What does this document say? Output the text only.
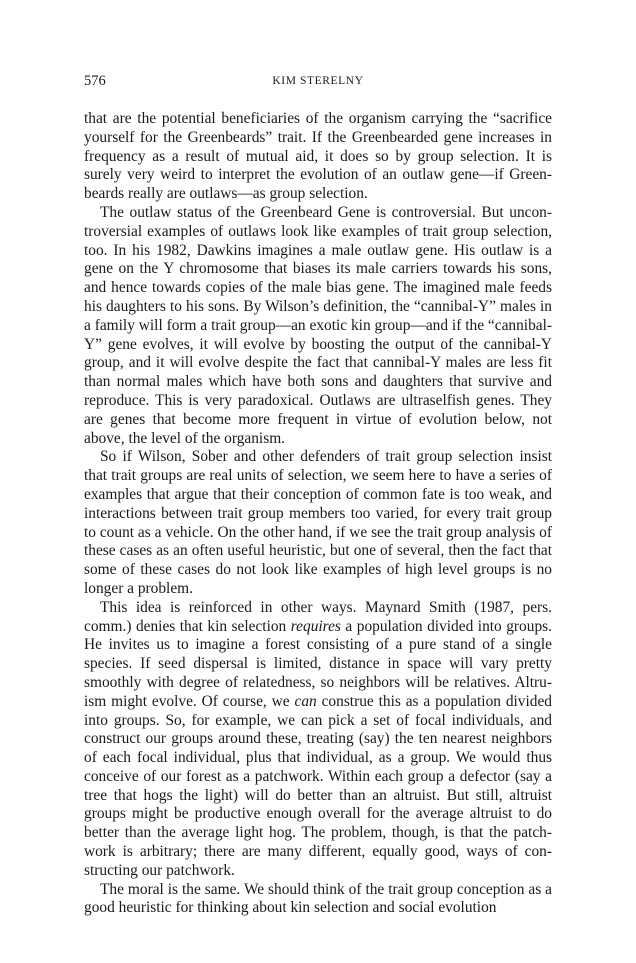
576	KIM STERELNY

that are the potential beneficiaries of the organism carrying the “sacrifice yourself for the Greenbeards” trait. If the Greenbearded gene increases in frequency as a result of mutual aid, it does so by group selection. It is surely very weird to interpret the evolution of an outlaw gene—if Green-beards really are outlaws—as group selection.

The outlaw status of the Greenbeard Gene is controversial. But uncon-troversial examples of outlaws look like examples of trait group selection, too. In his 1982, Dawkins imagines a male outlaw gene. His outlaw is a gene on the Y chromosome that biases its male carriers towards his sons, and hence towards copies of the male bias gene. The imagined male feeds his daughters to his sons. By Wilson’s definition, the “cannibal-Y” males in a family will form a trait group—an exotic kin group—and if the “cannibal-Y” gene evolves, it will evolve by boosting the output of the cannibal-Y group, and it will evolve despite the fact that cannibal-Y males are less fit than normal males which have both sons and daughters that survive and reproduce. This is very paradoxical. Outlaws are ultraselfish genes. They are genes that become more frequent in virtue of evolution below, not above, the level of the organism.

So if Wilson, Sober and other defenders of trait group selection insist that trait groups are real units of selection, we seem here to have a series of examples that argue that their conception of common fate is too weak, and interactions between trait group members too varied, for every trait group to count as a vehicle. On the other hand, if we see the trait group analysis of these cases as an often useful heuristic, but one of several, then the fact that some of these cases do not look like examples of high level groups is no longer a problem.

This idea is reinforced in other ways. Maynard Smith (1987, pers. comm.) denies that kin selection requires a population divided into groups. He invites us to imagine a forest consisting of a pure stand of a single species. If seed dispersal is limited, distance in space will vary pretty smoothly with degree of relatedness, so neighbors will be relatives. Altru-ism might evolve. Of course, we can construe this as a population divided into groups. So, for example, we can pick a set of focal individuals, and construct our groups around these, treating (say) the ten nearest neighbors of each focal individual, plus that individual, as a group. We would thus conceive of our forest as a patchwork. Within each group a defector (say a tree that hogs the light) will do better than an altruist. But still, altruist groups might be productive enough overall for the average altruist to do better than the average light hog. The problem, though, is that the patch-work is arbitrary; there are many different, equally good, ways of con-structing our patchwork.

The moral is the same. We should think of the trait group conception as a good heuristic for thinking about kin selection and social evolution
